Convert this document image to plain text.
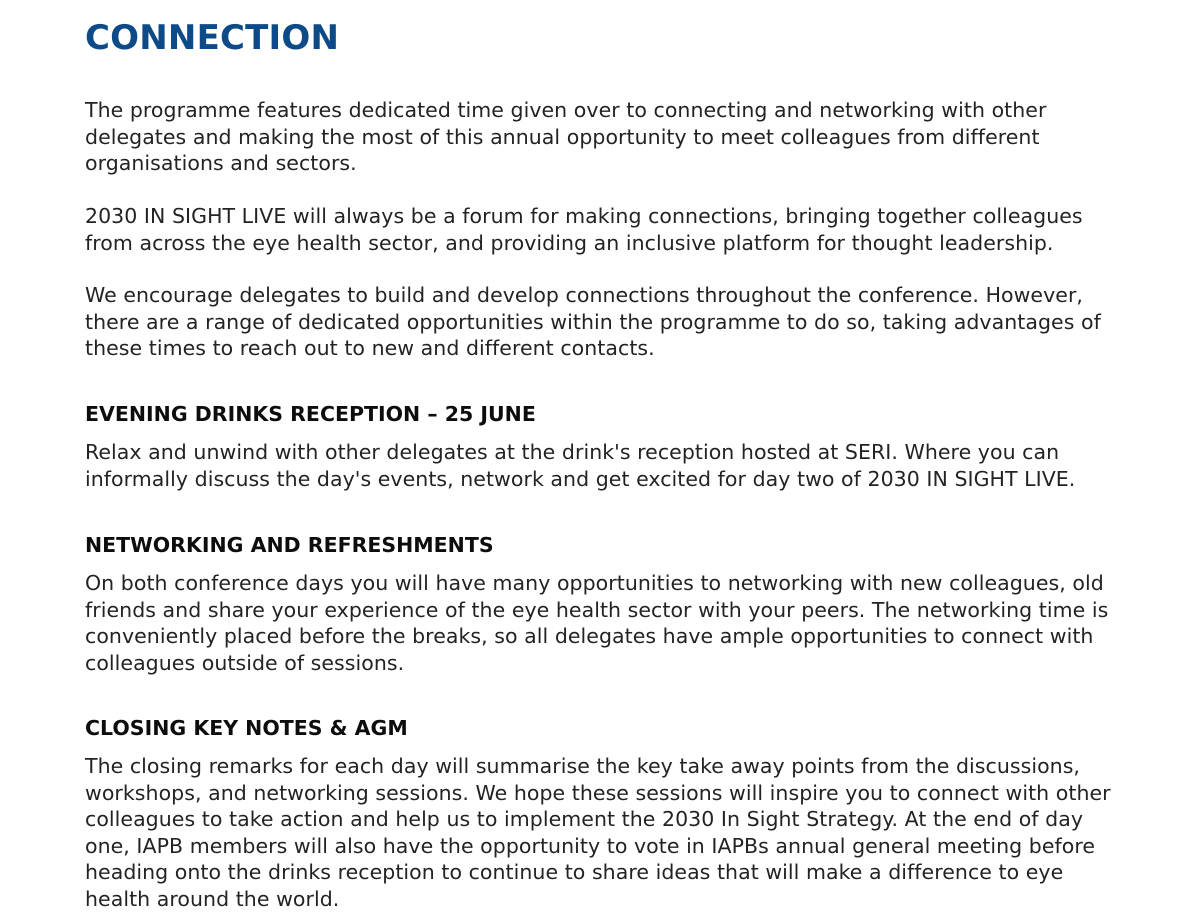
CONNECTION

The programme features dedicated time given over to connecting and networking with other delegates and making the most of this annual opportunity to meet colleagues from different organisations and sectors.

2030 IN SIGHT LIVE will always be a forum for making connections, bringing together colleagues from across the eye health sector, and providing an inclusive platform for thought leadership.

We encourage delegates to build and develop connections throughout the conference. However, there are a range of dedicated opportunities within the programme to do so, taking advantages of these times to reach out to new and different contacts.

EVENING DRINKS RECEPTION – 25 JUNE

Relax and unwind with other delegates at the drink's reception hosted at SERI. Where you can informally discuss the day's events, network and get excited for day two of 2030 IN SIGHT LIVE.

NETWORKING AND REFRESHMENTS

On both conference days you will have many opportunities to networking with new colleagues, old friends and share your experience of the eye health sector with your peers. The networking time is conveniently placed before the breaks, so all delegates have ample opportunities to connect with colleagues outside of sessions.

CLOSING KEY NOTES & AGM

The closing remarks for each day will summarise the key take away points from the discussions, workshops, and networking sessions. We hope these sessions will inspire you to connect with other colleagues to take action and help us to implement the 2030 In Sight Strategy. At the end of day one, IAPB members will also have the opportunity to vote in IAPBs annual general meeting before heading onto the drinks reception to continue to share ideas that will make a difference to eye health around the world.
